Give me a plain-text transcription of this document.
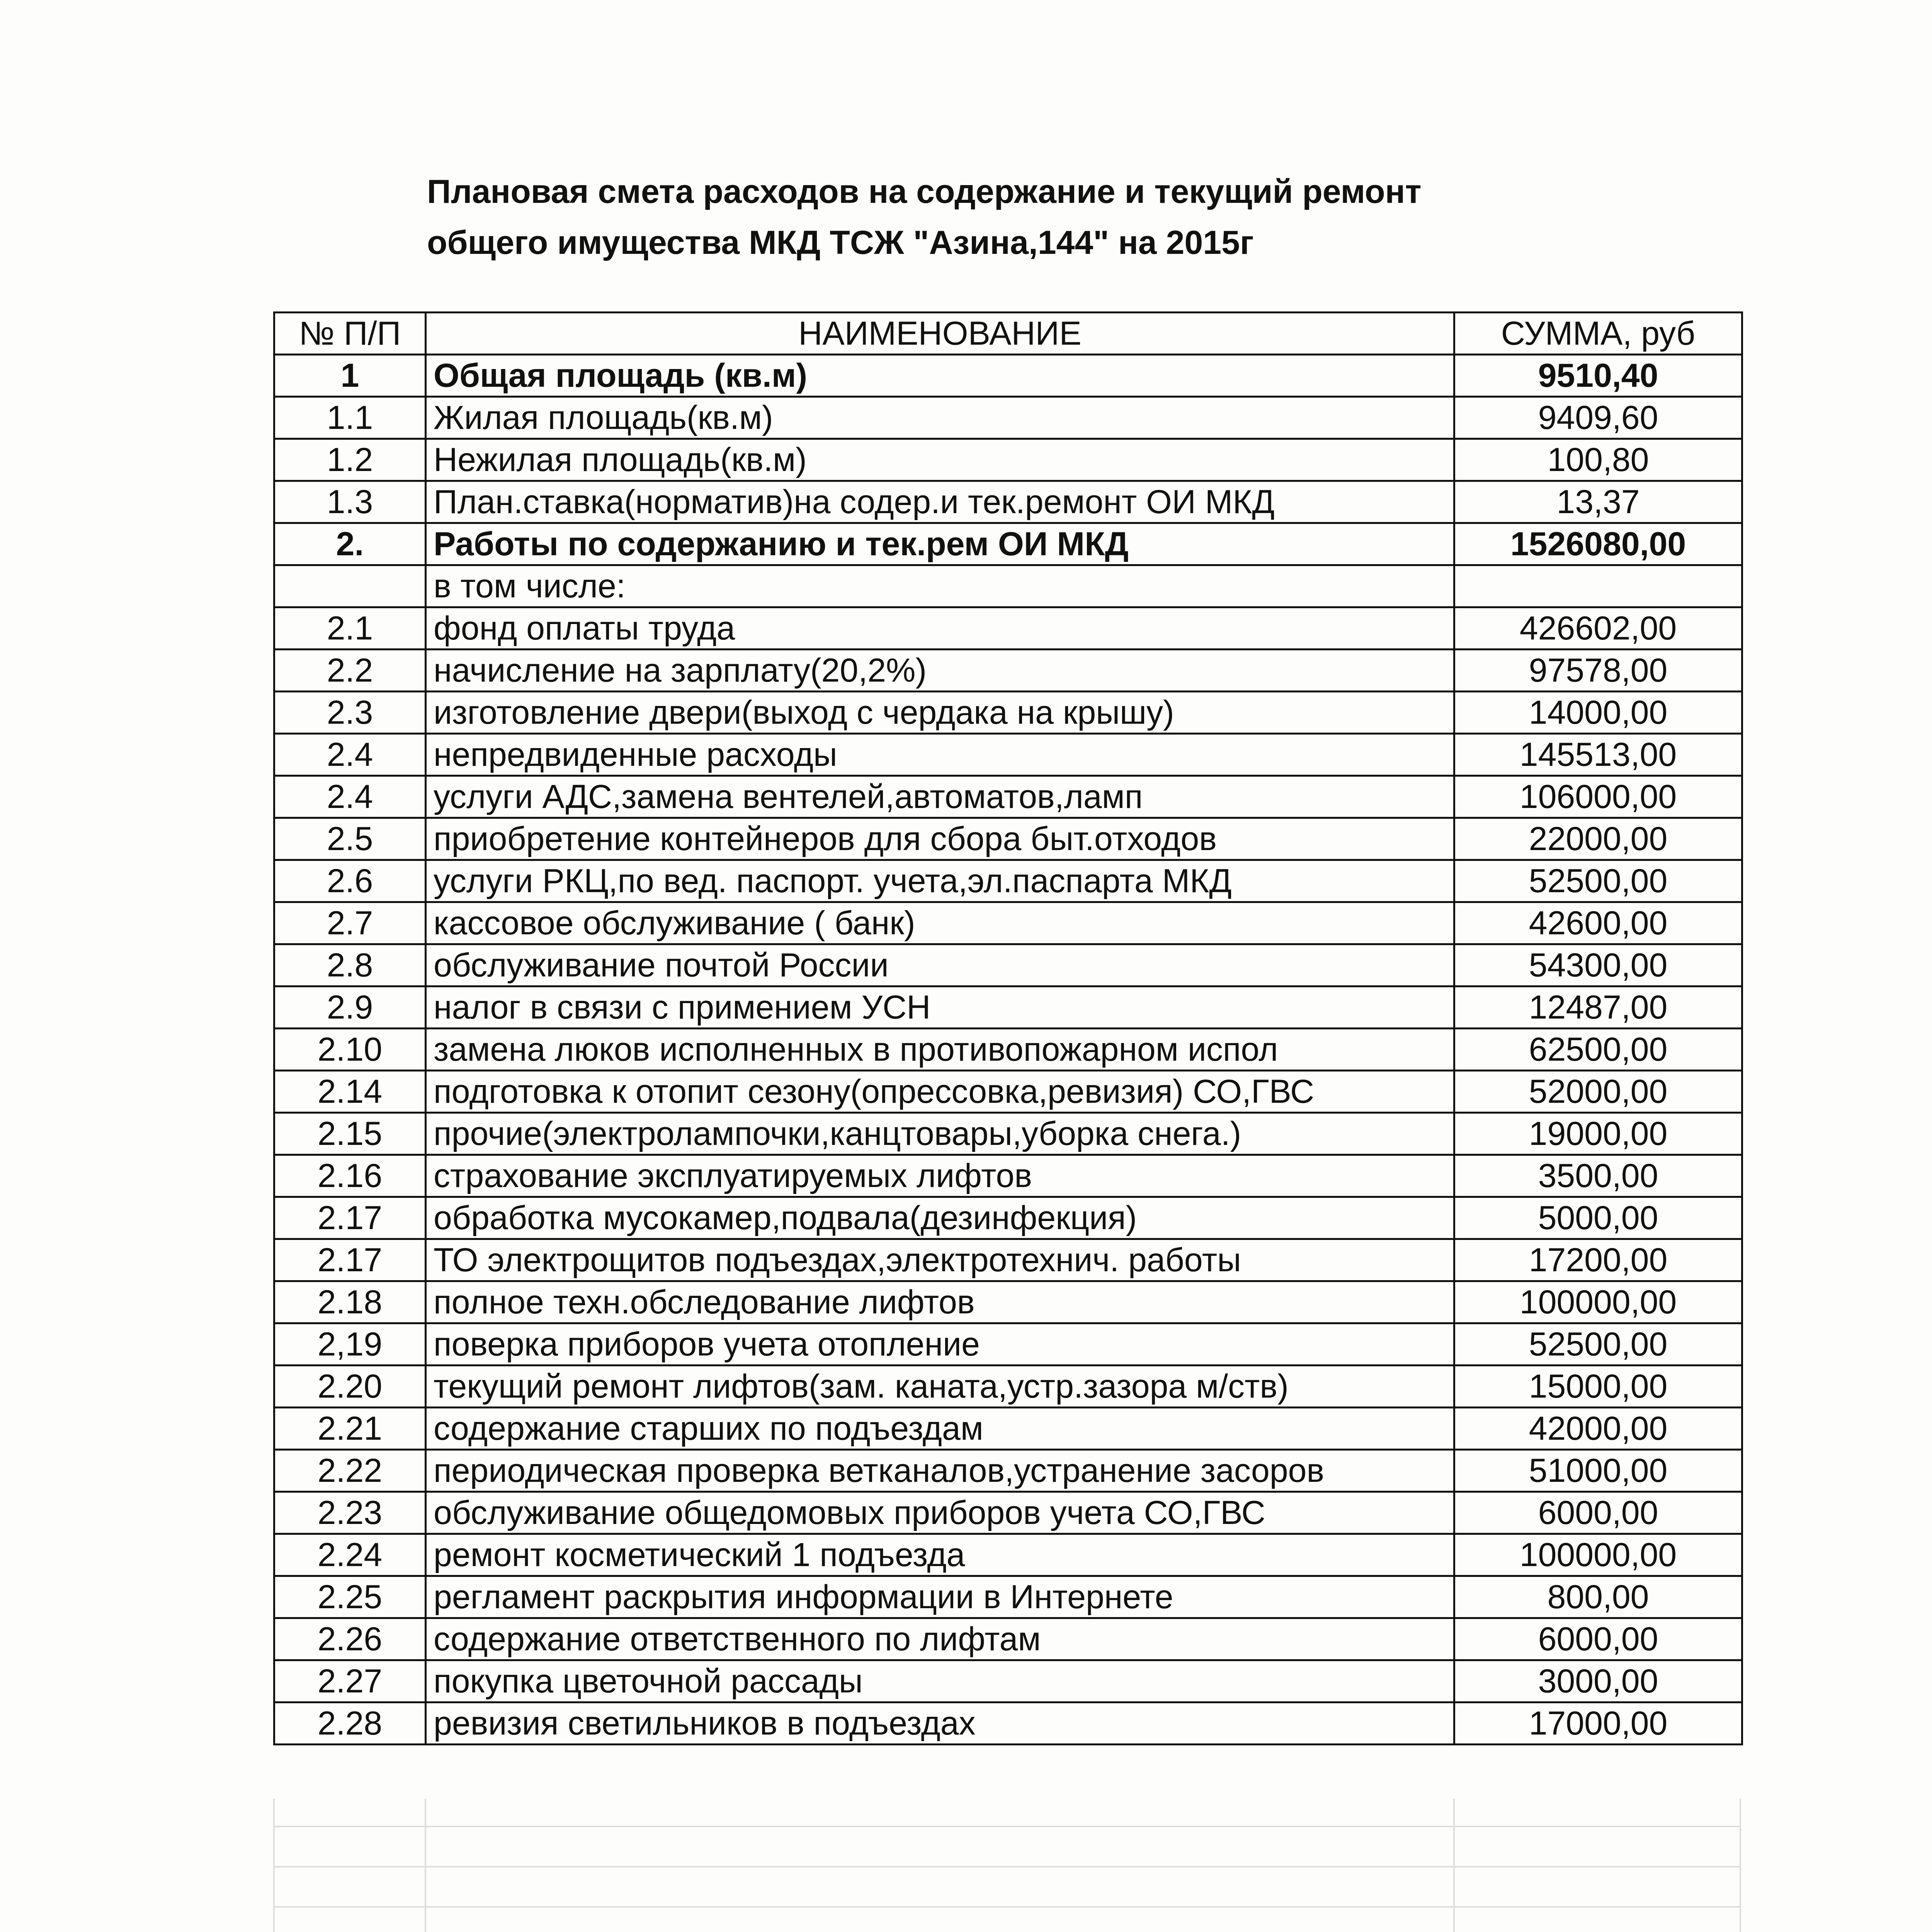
Плановая смета расходов на содержание и текущий ремонт
общего имущества МКД ТСЖ "Азина,144" на 2015г
№ П/П	НАИМЕНОВАНИЕ	СУММА, руб
1	Общая площадь (кв.м)	9510,40
1.1	Жилая площадь(кв.м)	9409,60
1.2	Нежилая площадь(кв.м)	100,80
1.3	План.ставка(норматив)на содер.и тек.ремонт ОИ МКД	13,37
2.	Работы по содержанию и тек.рем ОИ МКД	1526080,00
	в том числе:	
2.1	фонд оплаты труда	426602,00
2.2	начисление на зарплату(20,2%)	97578,00
2.3	изготовление двери(выход с чердака на крышу)	14000,00
2.4	непредвиденные расходы	145513,00
2.4	услуги АДС,замена вентелей,автоматов,ламп	106000,00
2.5	приобретение контейнеров для сбора быт.отходов	22000,00
2.6	услуги РКЦ,по вед. паспорт. учета,эл.паспарта МКД	52500,00
2.7	кассовое обслуживание ( банк)	42600,00
2.8	обслуживание почтой России	54300,00
2.9	налог в связи с примением УСН	12487,00
2.10	замена люков исполненных в противопожарном испол	62500,00
2.14	подготовка к отопит сезону(опрессовка,ревизия) СО,ГВС	52000,00
2.15	прочие(электролампочки,канцтовары,уборка снега.)	19000,00
2.16	страхование эксплуатируемых лифтов	3500,00
2.17	обработка мусокамер,подвала(дезинфекция)	5000,00
2.17	ТО электрощитов подъездах,электротехнич. работы	17200,00
2.18	полное техн.обследование лифтов	100000,00
2,19	поверка приборов учета отопление	52500,00
2.20	текущий ремонт лифтов(зам. каната,устр.зазора м/ств)	15000,00
2.21	содержание старших по подъездам	42000,00
2.22	периодическая проверка ветканалов,устранение засоров	51000,00
2.23	обслуживание общедомовых приборов учета СО,ГВС	6000,00
2.24	ремонт косметический 1 подъезда	100000,00
2.25	регламент раскрытия информации в Интернете	800,00
2.26	содержание ответственного по лифтам	6000,00
2.27	покупка цветочной рассады	3000,00
2.28	ревизия светильников в подъездах	17000,00
